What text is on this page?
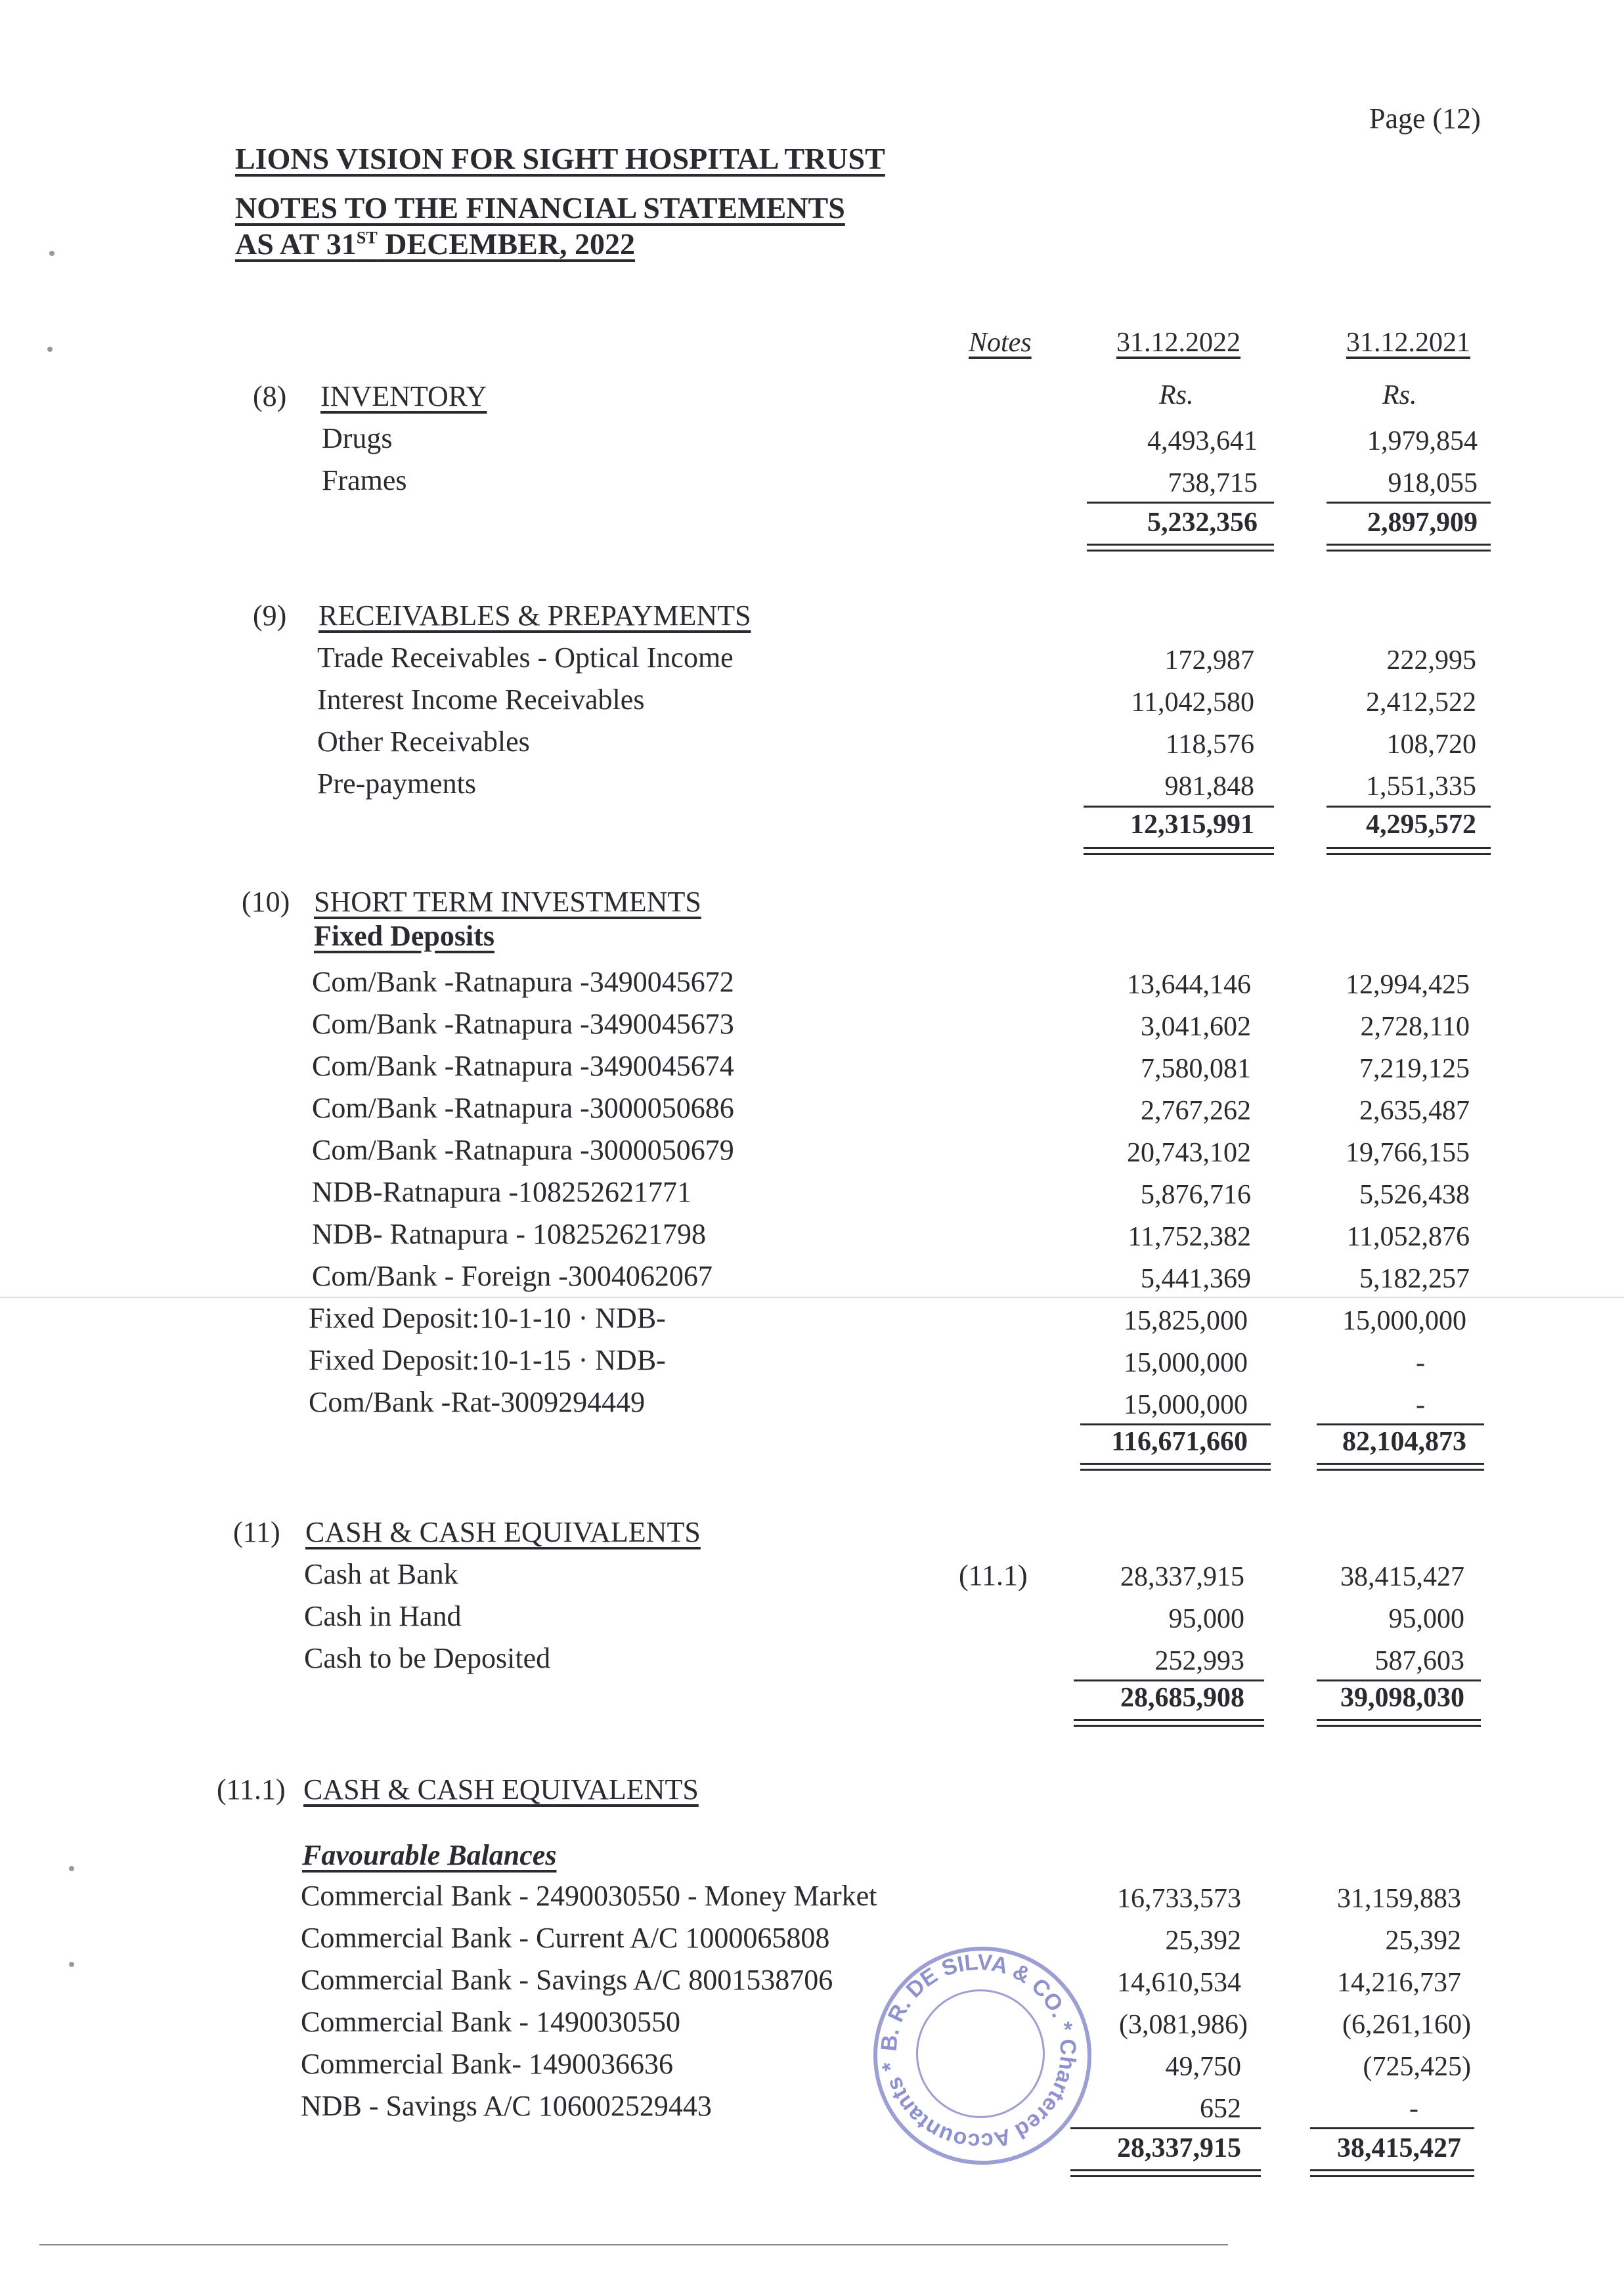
Page (12)
LIONS VISION FOR SIGHT HOSPITAL TRUST
NOTES TO THE FINANCIAL STATEMENTS
AS AT 31ST DECEMBER, 2022
Notes	31.12.2022	31.12.2021
(8) INVENTORY	Rs.	Rs.
Drugs	4,493,641	1,979,854
Frames	738,715	918,055
5,232,356	2,897,909
(9) RECEIVABLES & PREPAYMENTS
Trade Receivables - Optical Income	172,987	222,995
Interest Income Receivables	11,042,580	2,412,522
Other Receivables	118,576	108,720
Pre-payments	981,848	1,551,335
12,315,991	4,295,572
(10) SHORT TERM INVESTMENTS
Fixed Deposits
Com/Bank -Ratnapura -3490045672	13,644,146	12,994,425
Com/Bank -Ratnapura -3490045673	3,041,602	2,728,110
Com/Bank -Ratnapura -3490045674	7,580,081	7,219,125
Com/Bank -Ratnapura -3000050686	2,767,262	2,635,487
Com/Bank -Ratnapura -3000050679	20,743,102	19,766,155
NDB-Ratnapura -108252621771	5,876,716	5,526,438
NDB- Ratnapura - 108252621798	11,752,382	11,052,876
Com/Bank - Foreign -3004062067	5,441,369	5,182,257
Fixed Deposit:10-1-10 · NDB-	15,825,000	15,000,000
Fixed Deposit:10-1-15 · NDB-	15,000,000	-
Com/Bank -Rat-3009294449	15,000,000	-
116,671,660	82,104,873
(11) CASH & CASH EQUIVALENTS
Cash at Bank	(11.1)	28,337,915	38,415,427
Cash in Hand	95,000	95,000
Cash to be Deposited	252,993	587,603
28,685,908	39,098,030
(11.1) CASH & CASH EQUIVALENTS
Favourable Balances
Commercial Bank - 2490030550 - Money Market	16,733,573	31,159,883
Commercial Bank - Current A/C 1000065808	25,392	25,392
Commercial Bank - Savings A/C 8001538706	14,610,534	14,216,737
Commercial Bank - 1490030550	(3,081,986)	(6,261,160)
Commercial Bank- 1490036636	49,750	(725,425)
NDB - Savings A/C 106002529443	652	-
28,337,915	38,415,427
B. R. DE SILVA & CO. * Chartered Accountants *
